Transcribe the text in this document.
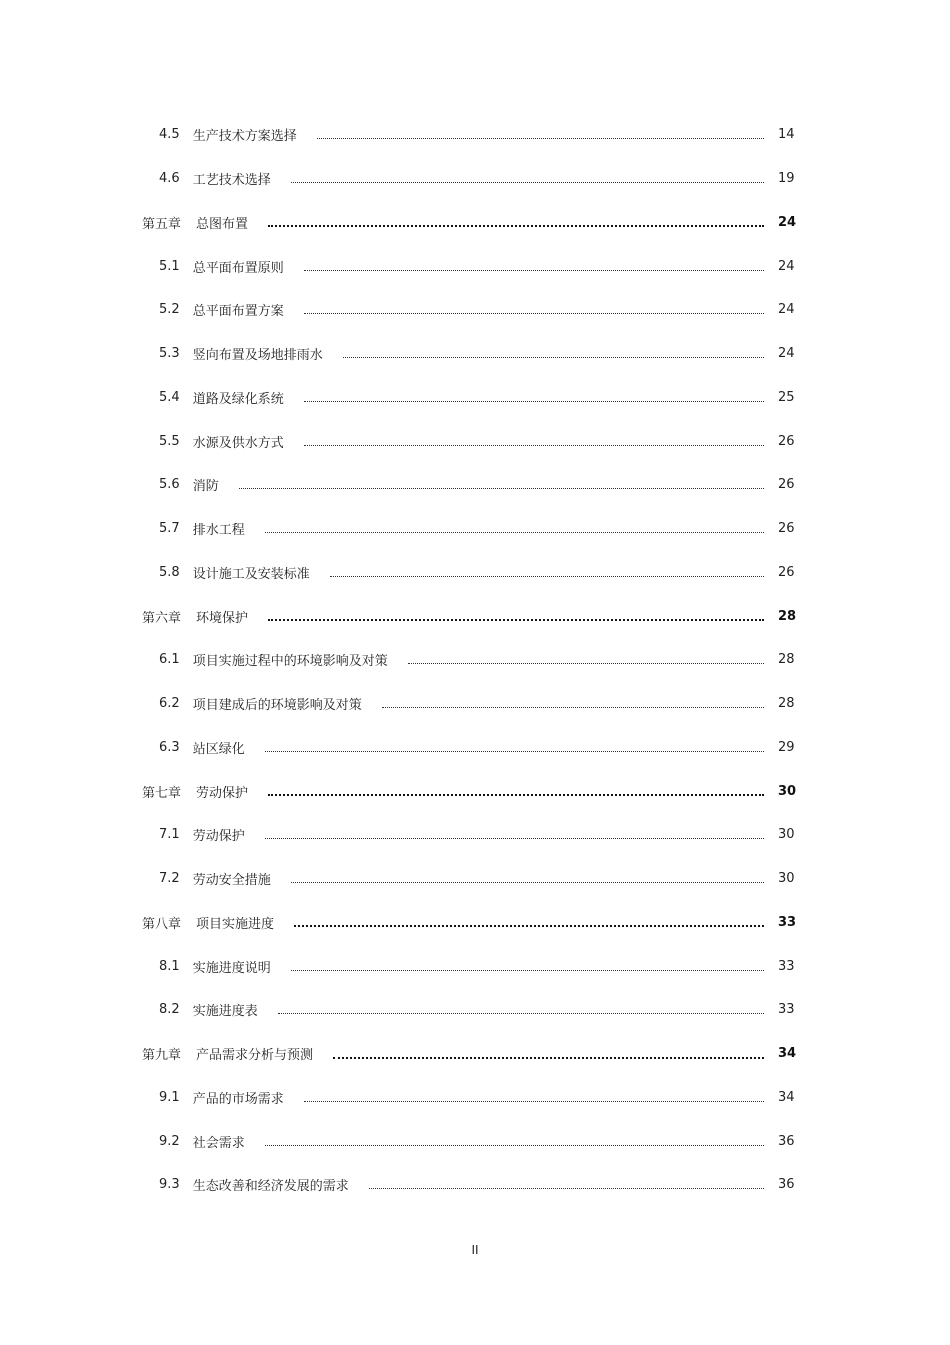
4.5 生产技术方案选择	14
4.6 工艺技术选择	19
第五章 总图布置	24
5.1 总平面布置原则	24
5.2 总平面布置方案	24
5.3 竖向布置及场地排雨水	24
5.4 道路及绿化系统	25
5.5 水源及供水方式	26
5.6 消防	26
5.7 排水工程	26
5.8 设计施工及安装标准	26
第六章 环境保护	28
6.1 项目实施过程中的环境影响及对策	28
6.2 项目建成后的环境影响及对策	28
6.3 站区绿化	29
第七章 劳动保护	30
7.1 劳动保护	30
7.2 劳动安全措施	30
第八章 项目实施进度	33
8.1 实施进度说明	33
8.2 实施进度表	33
第九章 产品需求分析与预测	34
9.1 产品的市场需求	34
9.2 社会需求	36
9.3 生态改善和经济发展的需求	36
II
